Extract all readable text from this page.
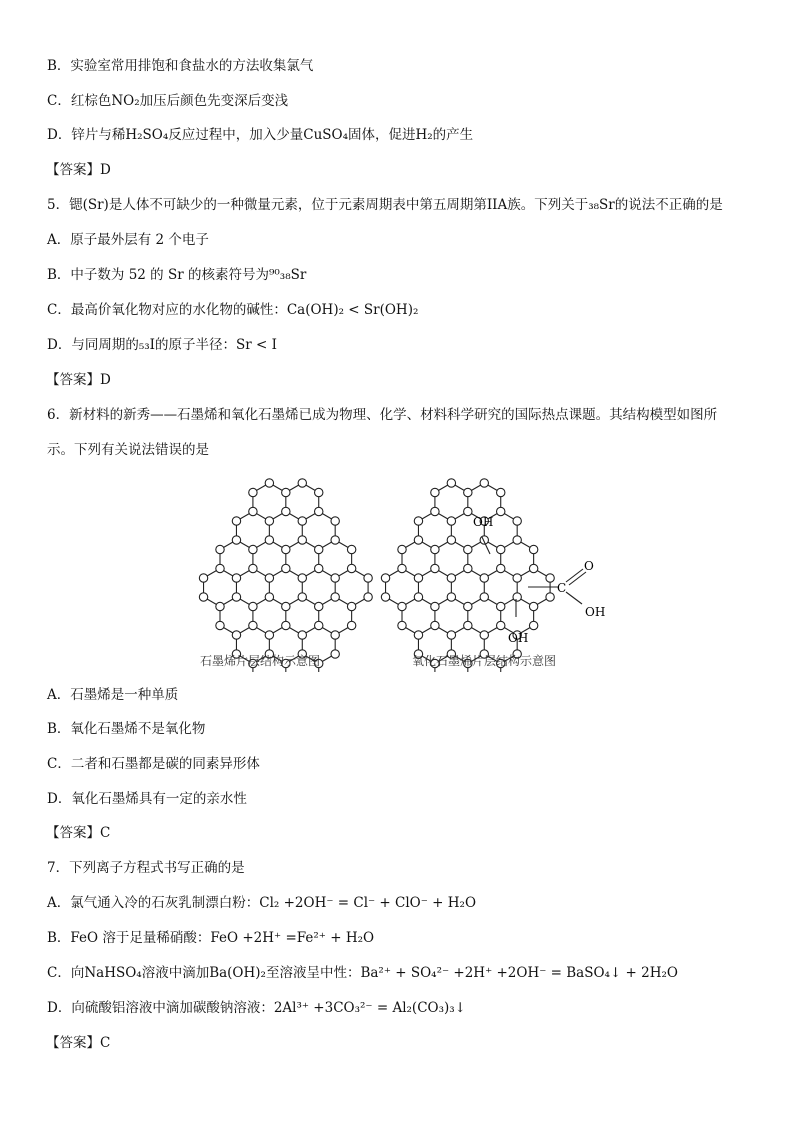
B．实验室常用排饱和食盐水的方法收集氯气
C．红棕色NO₂加压后颜色先变深后变浅
D．锌片与稀H₂SO₄反应过程中，加入少量CuSO₄固体，促进H₂的产生
【答案】D
5．锶(Sr)是人体不可缺少的一种微量元素，位于元素周期表中第五周期第IIA族。下列关于₃₈Sr的说法不正确的是
A．原子最外层有 2 个电子
B．中子数为 52 的 Sr 的核素符号为⁹⁰₃₈Sr
C．最高价氧化物对应的水化物的碱性：Ca(OH)₂ < Sr(OH)₂
D．与同周期的₅₃I的原子半径：Sr < I
【答案】D
6．新材料的新秀——石墨烯和氧化石墨烯已成为物理、化学、材料科学研究的国际热点课题。其结构模型如图所
示。下列有关说法错误的是
OH
OH
C
O
OH
石墨烯片层结构示意图	氧化石墨烯片层结构示意图
A．石墨烯是一种单质
B．氧化石墨烯不是氧化物
C．二者和石墨都是碳的同素异形体
D．氧化石墨烯具有一定的亲水性
【答案】C
7．下列离子方程式书写正确的是
A．氯气通入冷的石灰乳制漂白粉：Cl₂ +2OH⁻ = Cl⁻ + ClO⁻ + H₂O
B．FeO 溶于足量稀硝酸：FeO +2H⁺ =Fe²⁺ + H₂O
C．向NaHSO₄溶液中滴加Ba(OH)₂至溶液呈中性：Ba²⁺ + SO₄²⁻ +2H⁺ +2OH⁻ = BaSO₄↓ + 2H₂O
D．向硫酸铝溶液中滴加碳酸钠溶液：2Al³⁺ +3CO₃²⁻ = Al₂(CO₃)₃↓
【答案】C
